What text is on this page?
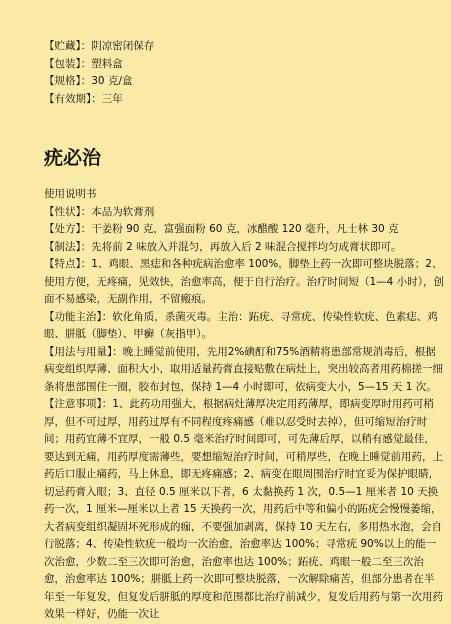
【贮藏】：阴凉密闭保存
【包装】：塑料盒
【规格】：30 克/盒
【有效期】：三年
疣必治

使用说明书

【性状】：本品为软膏剂

【处方】：干姜粉 90 克，富强面粉 60 克，冰醋酸 120 毫升，凡士林 30 克

【制法】：先将前 2 味放入并混匀，再放入后 2 味混合搅拌均匀成膏状即可。

【特点】：1、鸡眼、黑痣和各种疣病治愈率 100%，脚垫上药一次即可整块脱落；2、使用方便，无疼痛，见效快，治愈率高，便于自行治疗。治疗时间短（1—4 小时），创面不易感染，无副作用，不留瘢痕。

【功能主治】：软化角质，杀菌灭毒。主治：跖疣、寻常疣、传染性软疣、色素痣、鸡眼、胼胝（脚垫）、甲癣（灰指甲）。

【用法与用量】：晚上睡觉前使用，先用2%碘酊和75%酒精将患部常规消毒后，根据病变组织厚薄、面积大小，取用适量药膏直接贴敷在病灶上，突出较高者用药棉搓一细条将患部围住一圈，胶布封包，保持 1—4 小时即可，依病变大小，5—15 天 1 次。

【注意事项】：1、此药功用强大，根据病灶薄厚决定用药薄厚，即病变厚时用药可稍厚，但不可过厚，用药过厚有不同程度疼痛感（难以忍受时去掉），但可缩短治疗时间；用药宜薄不宜厚，一般 0.5 毫米治疗时间即可，可先薄后厚，以稍有感觉最佳，要达到无痛，用药厚度需薄些，要想缩短治疗时间，可稍厚些，在晚上睡觉前用药，上药后口服止痛药，马上休息，即无疼痛感；2、病变在眼周围治疗时宜妥为保护眼睛，切忌药膏入眼；3、直径 0.5 厘米以下者，6 太黏换药 1 次，0.5—1 厘米者 10 天换药一次，1 厘米—厘米以上者 15 天换药一次，用药后中等和偏小的跖疣会慢慢萎缩，大者病变组织凝固坏死形成的痂，不要强加剥离，保持 10 天左右，多用热水泡，会自行脱落；4、传染性软疣一般均一次治愈，治愈率达 100%；寻常疣 90%以上的能一次治愈，少数二至三次即可治愈，治愈率也达 100%；跖疣、鸡眼一般二至三次治愈，治愈率达 100%；胼胝上药一次即可整块脱落，一次解除痛苦，但部分患者在半年至一年复发，但复发后胼胝的厚度和范围都比治疗前减少，复发后用药与第一次用药效果一样好，仍能一次让
